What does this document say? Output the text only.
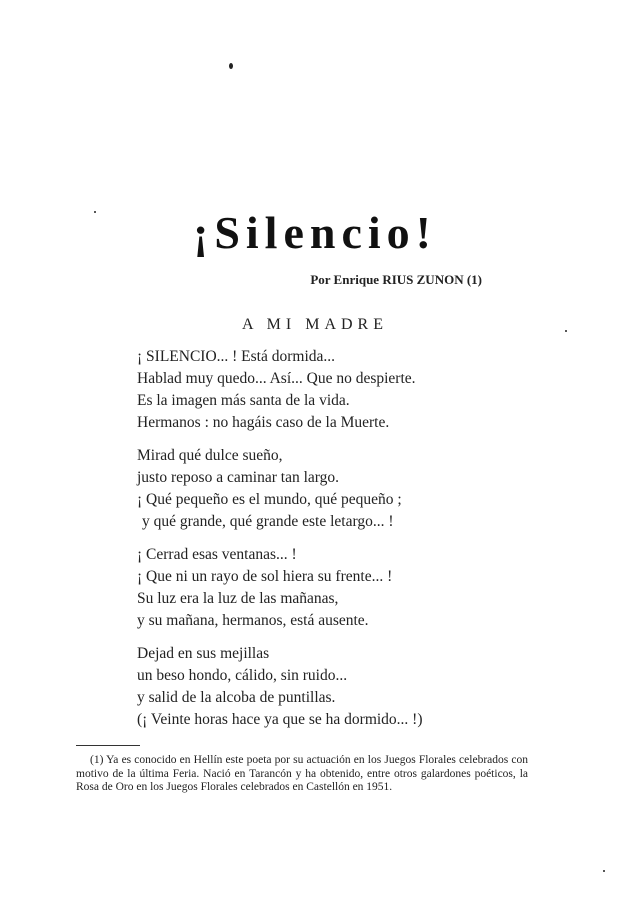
¡Silencio!
Por Enrique RIUS ZUNON (1)
A MI MADRE
¡ SILENCIO... ! Está dormida...
Hablad muy quedo... Así... Que no despierte.
Es la imagen más santa de la vida.
Hermanos : no hagáis caso de la Muerte.
Mirad qué dulce sueño,
justo reposo a caminar tan largo.
¡ Qué pequeño es el mundo, qué pequeño ;
y qué grande, qué grande este letargo... !
¡ Cerrad esas ventanas... !
¡ Que ni un rayo de sol hiera su frente... !
Su luz era la luz de las mañanas,
y su mañana, hermanos, está ausente.
Dejad en sus mejillas
un beso hondo, cálido, sin ruido...
y salid de la alcoba de puntillas.
(¡ Veinte horas hace ya que se ha dormido... !)
(1) Ya es conocido en Hellín este poeta por su actuación en los Juegos Florales celebrados con motivo de la última Feria. Nació en Tarancón y ha obtenido, entre otros galardones poéticos, la Rosa de Oro en los Juegos Florales celebrados en Castellón en 1951.
